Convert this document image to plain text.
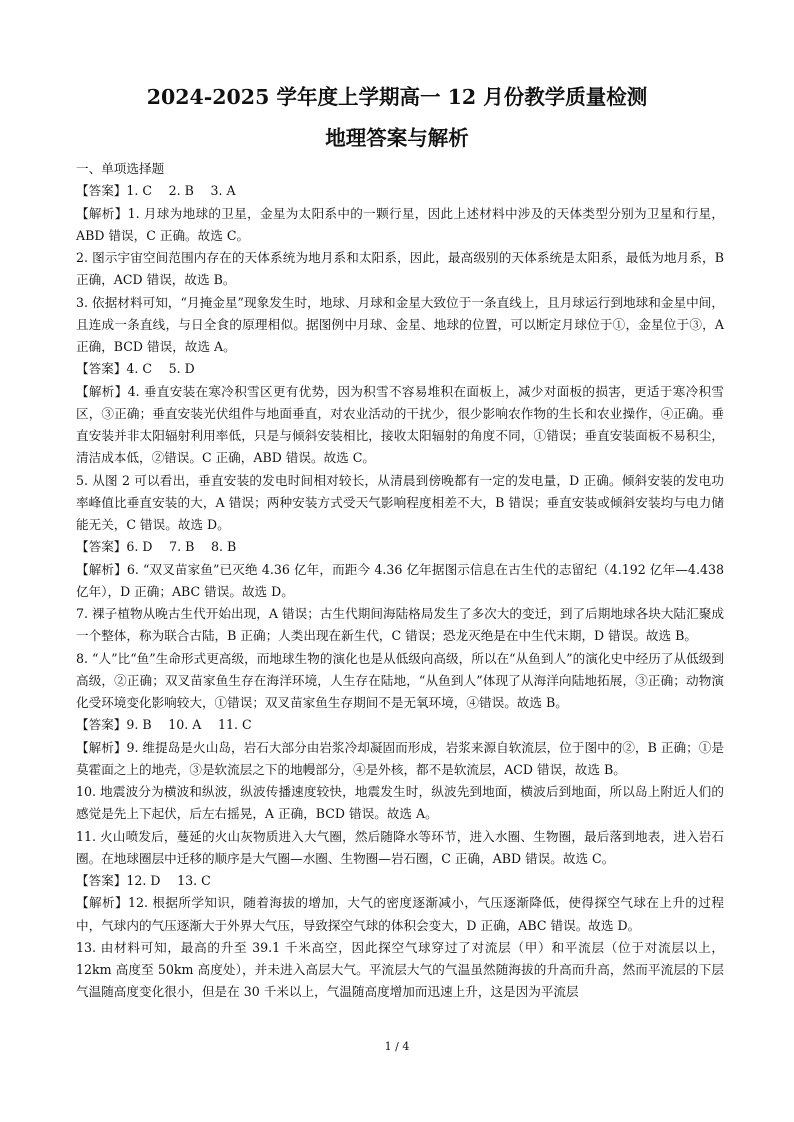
2024-2025 学年度上学期高一 12 月份教学质量检测
地理答案与解析

一、单项选择题

【答案】1. C　 2. B　 3. A

【解析】1. 月球为地球的卫星，金星为太阳系中的一颗行星，因此上述材料中涉及的天体类型分别为卫星和行星，ABD 错误，C 正确。故选 C。

2. 图示宇宙空间范围内存在的天体系统为地月系和太阳系，因此，最高级别的天体系统是太阳系，最低为地月系，B 正确，ACD 错误，故选 B。

3. 依据材料可知，“月掩金星”现象发生时，地球、月球和金星大致位于一条直线上，且月球运行到地球和金星中间，且连成一条直线，与日全食的原理相似。据图例中月球、金星、地球的位置，可以断定月球位于①，金星位于③，A 正确，BCD 错误，故选 A。

【答案】4. C　 5. D

【解析】4. 垂直安装在寒冷积雪区更有优势，因为积雪不容易堆积在面板上，减少对面板的损害，更适于寒冷积雪区，③正确；垂直安装光伏组件与地面垂直，对农业活动的干扰少，很少影响农作物的生长和农业操作，④正确。垂直安装并非太阳辐射利用率低，只是与倾斜安装相比，接收太阳辐射的角度不同，①错误；垂直安装面板不易积尘，清洁成本低，②错误。C 正确，ABD 错误。故选 C。

5. 从图 2 可以看出，垂直安装的发电时间相对较长，从清晨到傍晚都有一定的发电量，D 正确。倾斜安装的发电功率峰值比垂直安装的大，A 错误；两种安装方式受天气影响程度相差不大，B 错误；垂直安装或倾斜安装均与电力储能无关，C 错误。故选 D。

【答案】6. D　 7. B　 8. B

【解析】6. “双叉苗家鱼”已灭绝 4.36 亿年，而距今 4.36 亿年据图示信息在古生代的志留纪（4.192 亿年—4.438 亿年），D 正确；ABC 错误。故选 D。

7. 裸子植物从晚古生代开始出现，A 错误；古生代期间海陆格局发生了多次大的变迁，到了后期地球各块大陆汇聚成一个整体，称为联合古陆，B 正确；人类出现在新生代，C 错误；恐龙灭绝是在中生代末期，D 错误。故选 B。

8. “人”比“鱼”生命形式更高级，而地球生物的演化也是从低级向高级，所以在“从鱼到人”的演化史中经历了从低级到高级，②正确；双叉苗家鱼生存在海洋环境，人生存在陆地，“从鱼到人”体现了从海洋向陆地拓展，③正确；动物演化受环境变化影响较大，①错误；双叉苗家鱼生存期间不是无氧环境，④错误。故选 B。

【答案】9. B　 10. A　 11. C

【解析】9. 维提岛是火山岛，岩石大部分由岩浆冷却凝固而形成，岩浆来源自软流层，位于图中的②，B 正确；①是莫霍面之上的地壳，③是软流层之下的地幔部分，④是外核，都不是软流层，ACD 错误，故选 B。

10. 地震波分为横波和纵波，纵波传播速度较快，地震发生时，纵波先到地面，横波后到地面，所以岛上附近人们的感觉是先上下起伏，后左右摇晃，A 正确，BCD 错误。故选 A。

11. 火山喷发后，蔓延的火山灰物质进入大气圈，然后随降水等环节，进入水圈、生物圈，最后落到地表，进入岩石圈。在地球圈层中迁移的顺序是大气圈—水圈、生物圈—岩石圈，C 正确，ABD 错误。故选 C。

【答案】12. D　 13. C

【解析】12. 根据所学知识，随着海拔的增加，大气的密度逐渐减小，气压逐渐降低，使得探空气球在上升的过程中，气球内的气压逐渐大于外界大气压，导致探空气球的体积会变大，D 正确，ABC 错误。故选 D。

13. 由材料可知，最高的升至 39.1 千米高空，因此探空气球穿过了对流层（甲）和平流层（位于对流层以上，12km 高度至 50km 高度处），并未进入高层大气。平流层大气的气温虽然随海拔的升高而升高，然而平流层的下层气温随高度变化很小，但是在 30 千米以上，气温随高度增加而迅速上升，这是因为平流层

1 / 4
